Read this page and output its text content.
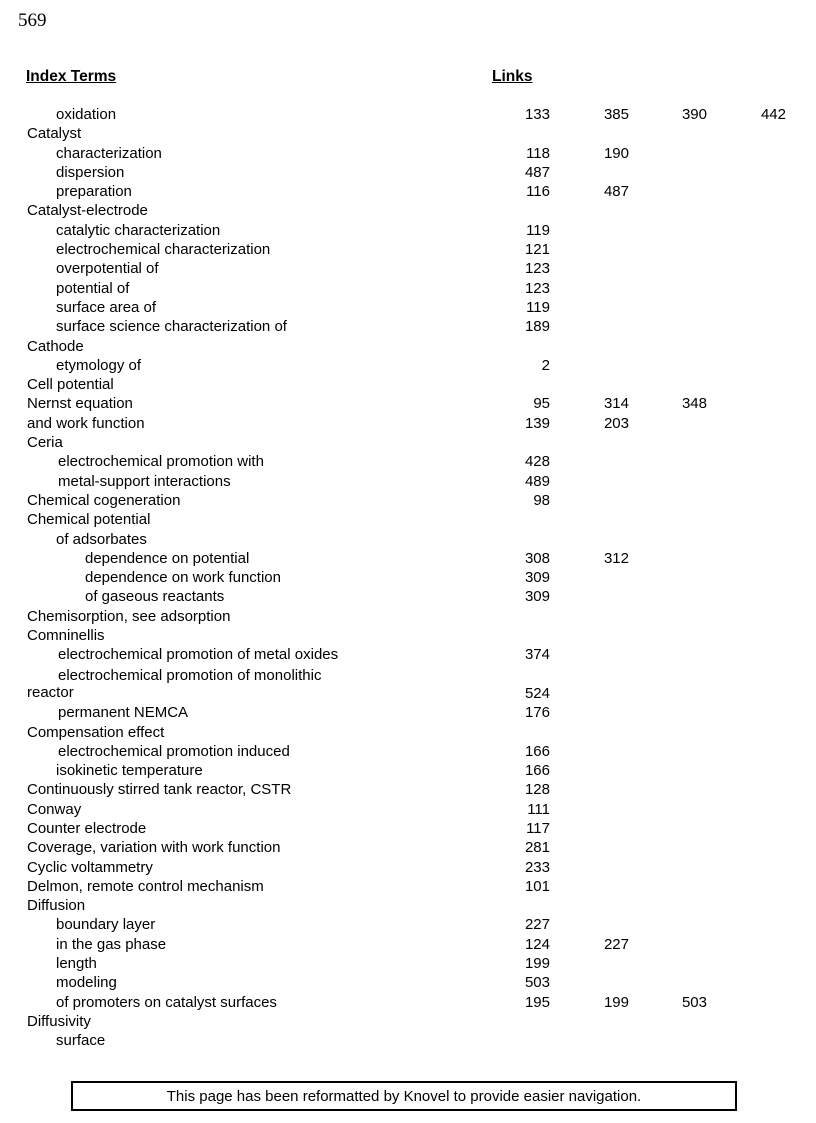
569
Index Terms	Links
oxidation	133	385	390	442
Catalyst
characterization	118	190
dispersion	487
preparation	116	487
Catalyst-electrode
catalytic characterization	119
electrochemical characterization	121
overpotential of	123
potential of	123
surface area of	119
surface science characterization of	189
Cathode
etymology of	2
Cell potential
Nernst equation	95	314	348
and work function	139	203
Ceria
electrochemical promotion with	428
metal-support interactions	489
Chemical cogeneration	98
Chemical potential
of adsorbates
dependence on potential	308	312
dependence on work function	309
of gaseous reactants	309
Chemisorption, see adsorption
Comninellis
electrochemical promotion of metal oxides	374
electrochemical promotion of monolithic
reactor	524
permanent NEMCA	176
Compensation effect
electrochemical promotion induced	166
isokinetic temperature	166
Continuously stirred tank reactor, CSTR	128
Conway	111
Counter electrode	117
Coverage, variation with work function	281
Cyclic voltammetry	233
Delmon, remote control mechanism	101
Diffusion
boundary layer	227
in the gas phase	124	227
length	199
modeling	503
of promoters on catalyst surfaces	195	199	503
Diffusivity
surface
This page has been reformatted by Knovel to provide easier navigation.
